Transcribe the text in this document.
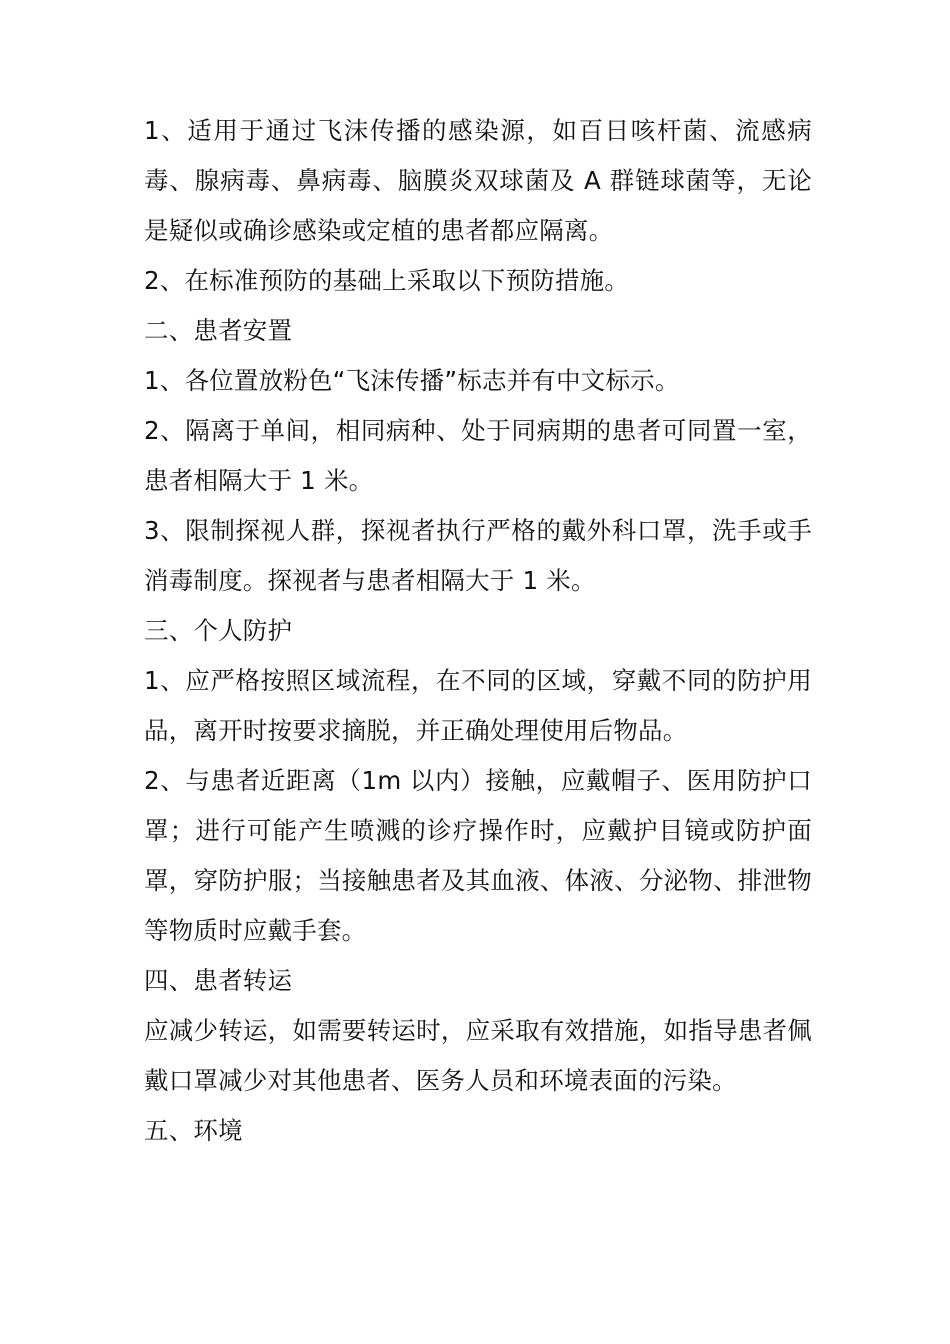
1、适用于通过飞沫传播的感染源，如百日咳杆菌、流感病毒、腺病毒、鼻病毒、脑膜炎双球菌及 A 群链球菌等，无论是疑似或确诊感染或定植的患者都应隔离。

2、在标准预防的基础上采取以下预防措施。

二、患者安置

1、各位置放粉色“飞沫传播”标志并有中文标示。

2、隔离于单间，相同病种、处于同病期的患者可同置一室，患者相隔大于 1 米。

3、限制探视人群，探视者执行严格的戴外科口罩，洗手或手消毒制度。探视者与患者相隔大于 1 米。

三、个人防护

1、应严格按照区域流程，在不同的区域，穿戴不同的防护用品，离开时按要求摘脱，并正确处理使用后物品。

2、与患者近距离（1m 以内）接触，应戴帽子、医用防护口罩；进行可能产生喷溅的诊疗操作时，应戴护目镜或防护面罩，穿防护服；当接触患者及其血液、体液、分泌物、排泄物等物质时应戴手套。

四、患者转运

应减少转运，如需要转运时，应采取有效措施，如指导患者佩戴口罩减少对其他患者、医务人员和环境表面的污染。

五、环境
